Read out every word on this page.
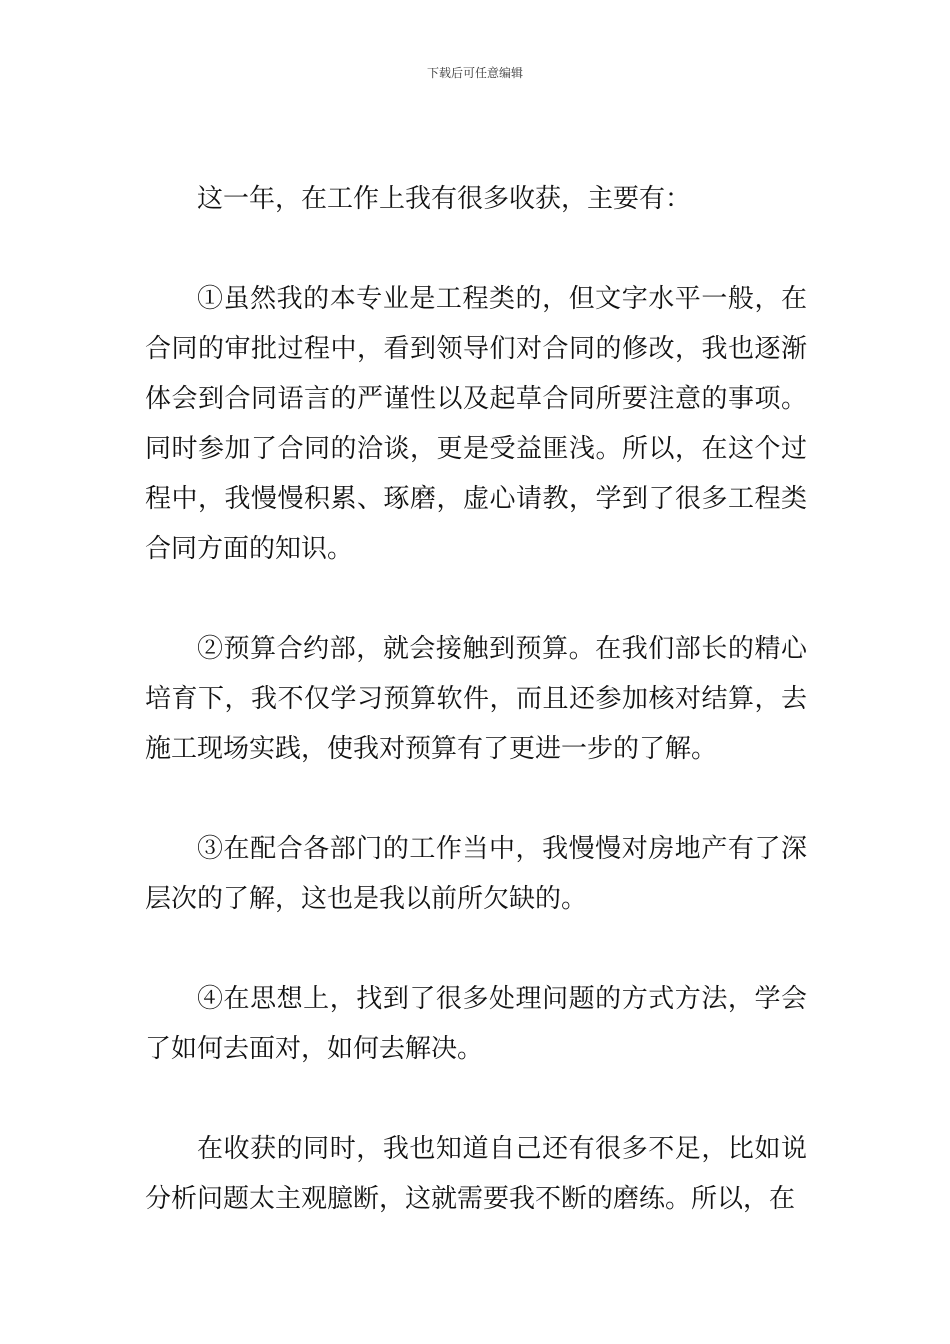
下载后可任意编辑

这一年，在工作上我有很多收获，主要有：

①虽然我的本专业是工程类的，但文字水平一般，在合同的审批过程中，看到领导们对合同的修改，我也逐渐体会到合同语言的严谨性以及起草合同所要注意的事项。同时参加了合同的洽谈，更是受益匪浅。所以，在这个过程中，我慢慢积累、琢磨，虚心请教，学到了很多工程类合同方面的知识。

②预算合约部，就会接触到预算。在我们部长的精心培育下，我不仅学习预算软件，而且还参加核对结算，去施工现场实践，使我对预算有了更进一步的了解。

③在配合各部门的工作当中，我慢慢对房地产有了深层次的了解，这也是我以前所欠缺的。

④在思想上，找到了很多处理问题的方式方法，学会了如何去面对，如何去解决。

在收获的同时，我也知道自己还有很多不足，比如说分析问题太主观臆断，这就需要我不断的磨练。所以，在
